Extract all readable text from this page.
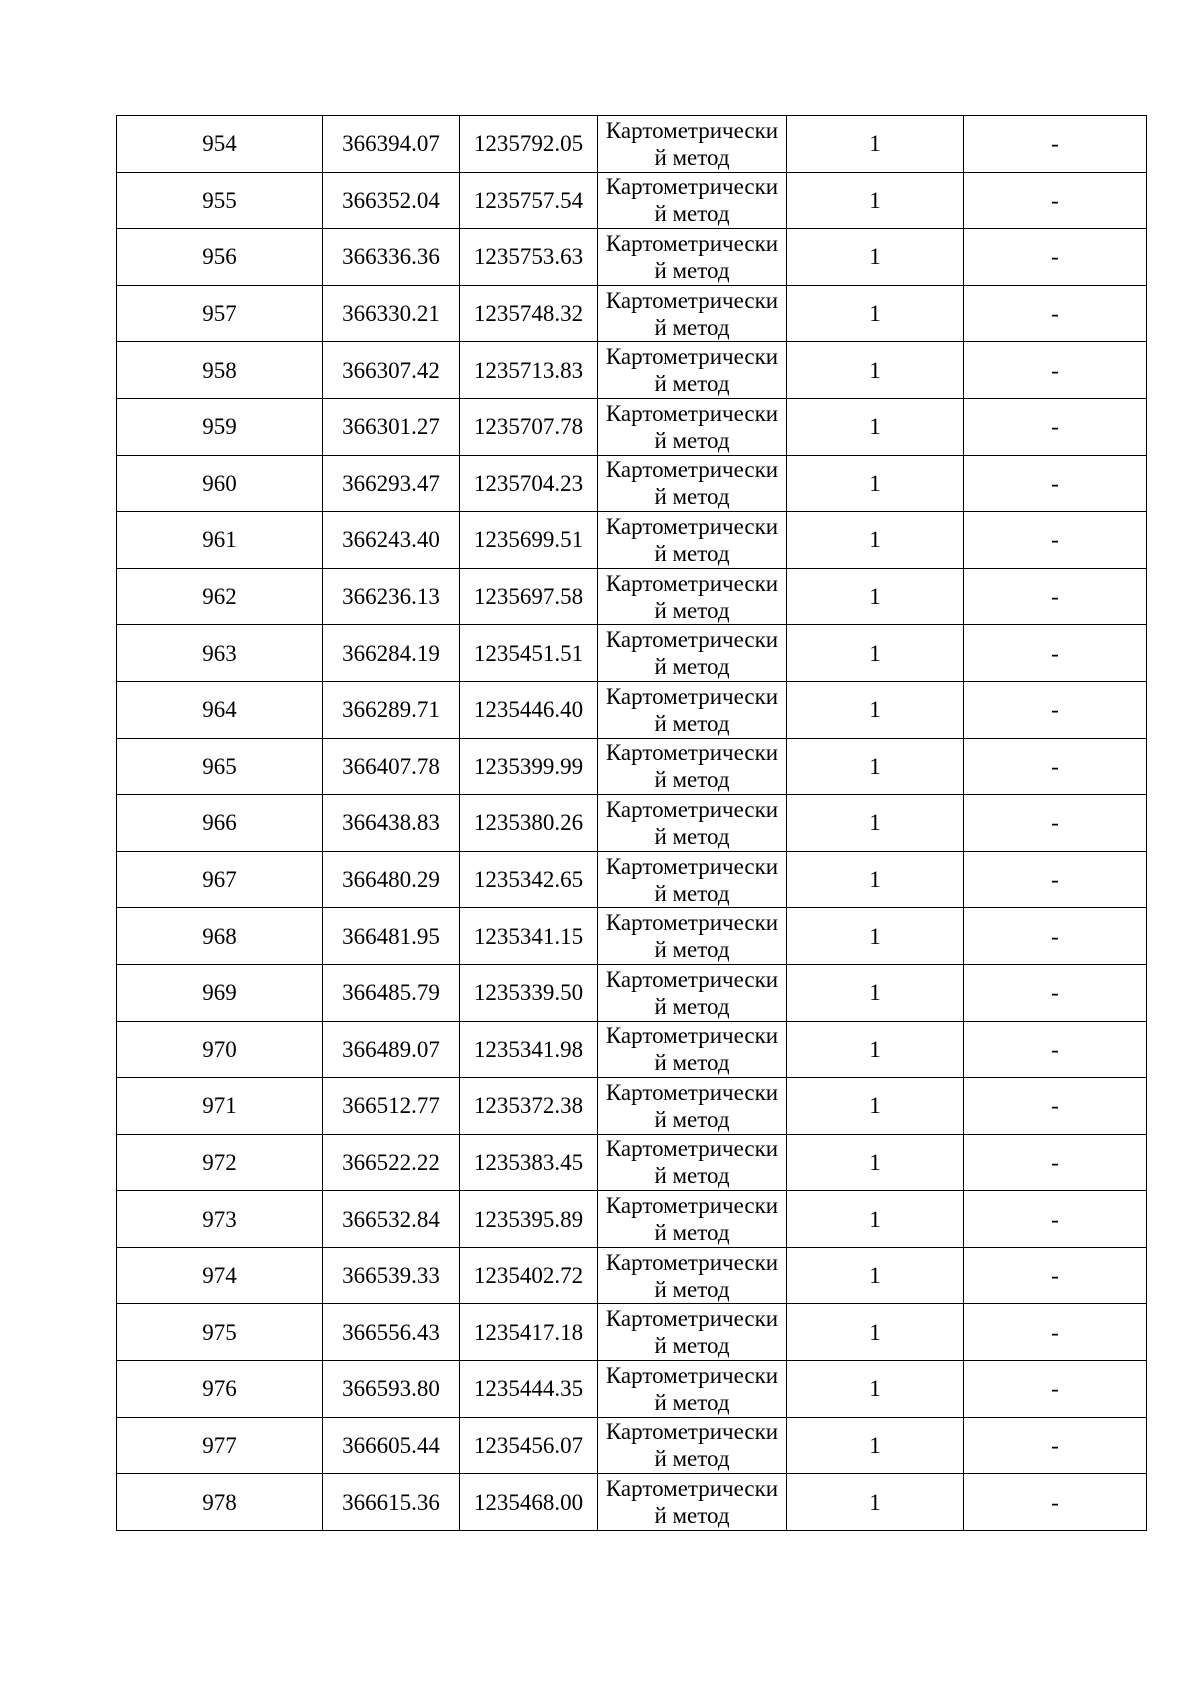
954	366394.07	1235792.05	Картометрически
й метод	1	-
955	366352.04	1235757.54	Картометрически
й метод	1	-
956	366336.36	1235753.63	Картометрически
й метод	1	-
957	366330.21	1235748.32	Картометрически
й метод	1	-
958	366307.42	1235713.83	Картометрически
й метод	1	-
959	366301.27	1235707.78	Картометрически
й метод	1	-
960	366293.47	1235704.23	Картометрически
й метод	1	-
961	366243.40	1235699.51	Картометрически
й метод	1	-
962	366236.13	1235697.58	Картометрически
й метод	1	-
963	366284.19	1235451.51	Картометрически
й метод	1	-
964	366289.71	1235446.40	Картометрически
й метод	1	-
965	366407.78	1235399.99	Картометрически
й метод	1	-
966	366438.83	1235380.26	Картометрически
й метод	1	-
967	366480.29	1235342.65	Картометрически
й метод	1	-
968	366481.95	1235341.15	Картометрически
й метод	1	-
969	366485.79	1235339.50	Картометрически
й метод	1	-
970	366489.07	1235341.98	Картометрически
й метод	1	-
971	366512.77	1235372.38	Картометрически
й метод	1	-
972	366522.22	1235383.45	Картометрически
й метод	1	-
973	366532.84	1235395.89	Картометрически
й метод	1	-
974	366539.33	1235402.72	Картометрически
й метод	1	-
975	366556.43	1235417.18	Картометрически
й метод	1	-
976	366593.80	1235444.35	Картометрически
й метод	1	-
977	366605.44	1235456.07	Картометрически
й метод	1	-
978	366615.36	1235468.00	Картометрически
й метод	1	-
